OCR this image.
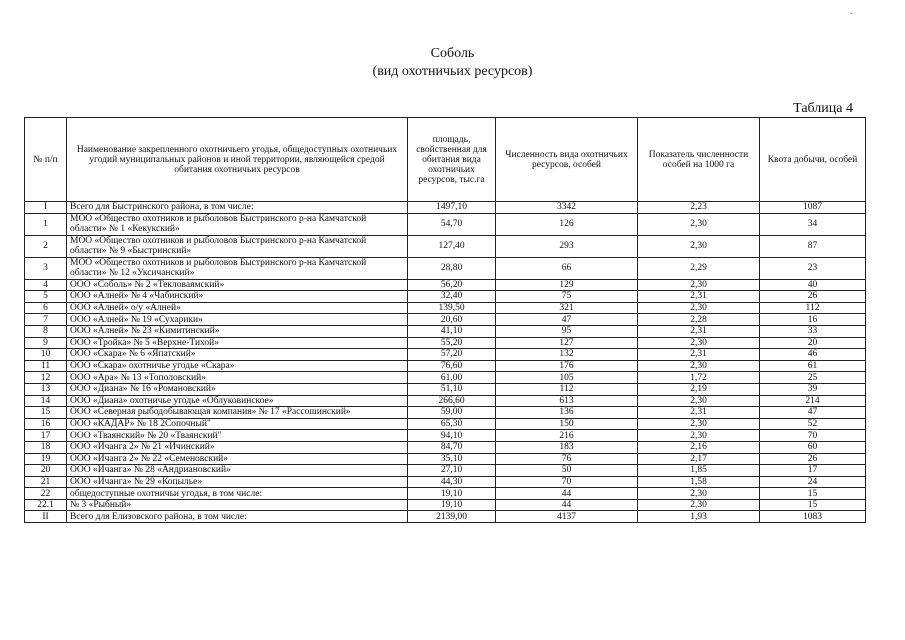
Соболь
(вид охотничьих ресурсов)
Таблица 4
.
№ п/п	Наименование закрепленного охотничьего угодья, общедоступных охотничьих угодий муниципальных районов и иной территории, являющейся средой обитания охотничьих ресурсов	площадь, свойственная для обитания вида охотничьих ресурсов, тыс.га	Численность вида охотничьих ресурсов, особей	Показатель численности особей на 1000 га	Квота добычи, особей
I	Всего для Быстринского района, в том числе:	1497,10	3342	2,23	1087
1	МОО «Общество охотников и рыболовов Быстринского р-на Камчатской области» № 1 «Кекукский»	54,70	126	2,30	34
2	МОО «Общество охотников и рыболовов Быстринского р-на Камчатской области» № 9 «Быстринский»	127,40	293	2,30	87
3	МОО «Общество охотников и рыболовов Быстринского р-на Камчатской области» № 12 «Уксичанский»	28,80	66	2,29	23
4	ООО «Соболь» № 2 «Текловаямский»	56,20	129	2,30	40
5	ООО «Алней» № 4 «Чабинский»	32,40	75	2,31	26
6	ООО «Алней» о/у «Алней»	139,50	321	2,30	112
7	ООО «Алней» № 19 «Сухарики»	20,60	47	2,28	16
8	ООО «Алней» № 23 «Кимитинский»	41,10	95	2,31	33
9	ООО «Тройка» № 5 «Верхне-Тихой»	55,20	127	2,30	20
10	ООО «Скара» № 6 «Япатский»	57,20	132	2,31	46
11	ООО «Скара» охотничье угодье «Скара»	76,60	176	2,30	61
12	ООО «Ара» № 13 «Тополовский»	61,00	105	1,72	25
13	ООО «Диана» № 16 «Романовский»	51,10	112	2,19	39
14	ООО «Диана» охотничье угодье «Облуковинское»	266,60	613	2,30	214
15	ООО «Северная рыбодобывающая компания» № 17 «Рассошинский»	59,00	136	2,31	47
16	ООО «КАДАР» № 18 2Сопочный"	65,30	150	2,30	52
17	ООО «Тваянский» № 20 «Тваянский"	94,10	216	2,30	70
18	ООО «Ичанга 2» № 21 «Ичинский»	84,70	183	2,16	60
19	ООО «Ичанга 2» № 22 «Семеновский»	35,10	76	2,17	26
20	ООО «Ичанга» № 28 «Андриановский»	27,10	50	1,85	17
21	ООО «Ичанга» № 29 «Копылье»	44,30	70	1,58	24
22	общедоступные охотничьи угодья, в том числе:	19,10	44	2,30	15
22.1	№ 3 «Рыбный»	19,10	44	2,30	15
II	Всего для Елизовского района, в том числе:	2139,00	4137	1,93	1083
